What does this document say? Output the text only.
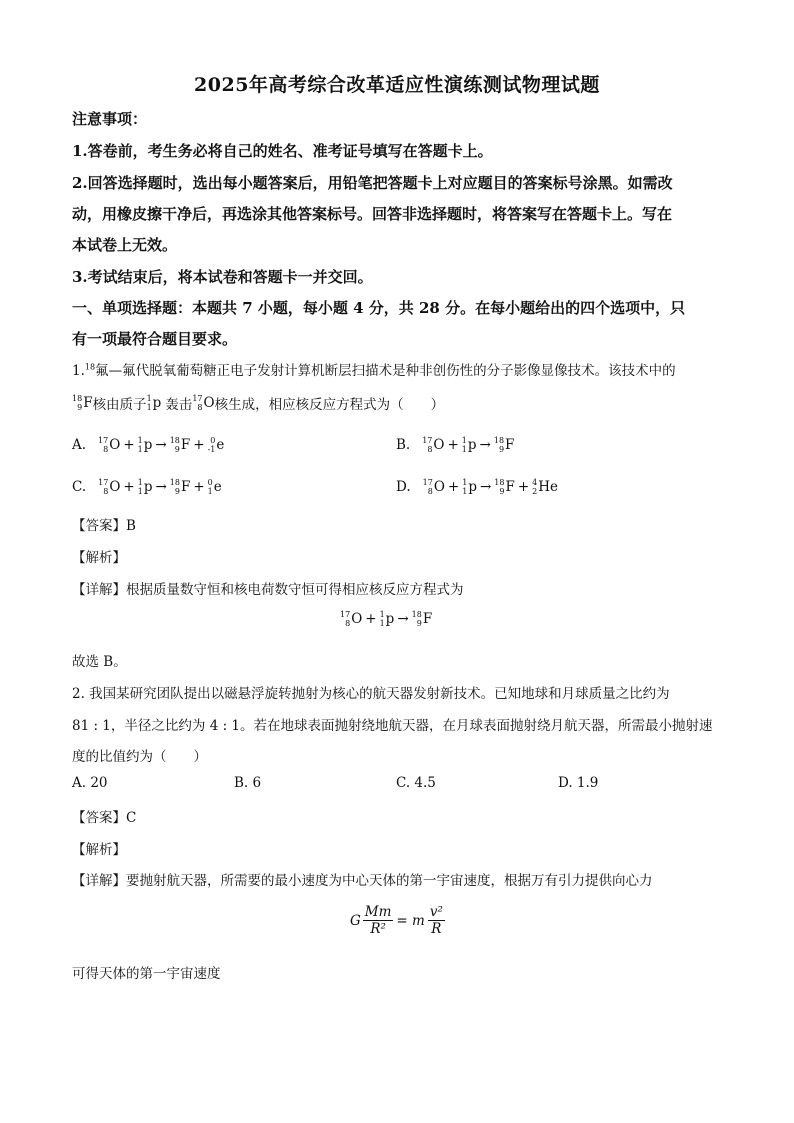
2025年高考综合改革适应性演练测试物理试题
注意事项：
1.答卷前，考生务必将自己的姓名、准考证号填写在答题卡上。
2.回答选择题时，选出每小题答案后，用铅笔把答题卡上对应题目的答案标号涂黑。如需改
动，用橡皮擦干净后，再选涂其他答案标号。回答非选择题时，将答案写在答题卡上。写在
本试卷上无效。
3.考试结束后，将本试卷和答题卡一并交回。
一、单项选择题：本题共 7 小题，每小题 4 分，共 28 分。在每小题给出的四个选项中，只
有一项最符合题目要求。
1.18氟—氟代脱氧葡萄糖正电子发射计算机断层扫描术是种非创伤性的分子影像显像技术。该技术中的
18
9 F 核由质子 1
1 p 轰击 17
8 O 核生成，相应核反应方程式为（　　）
A. 17
8 O + 1
1 p → 18
9 F + 0
-1 e	B. 17
8 O + 1
1 p → 18
9 F
C. 17
8 O + 1
1 p → 18
9 F + 0
1 e	D. 17
8 O + 1
1 p → 18
9 F + 4
2 He
【答案】B
【解析】
【详解】根据质量数守恒和核电荷数守恒可得相应核反应方程式为
17
8 O + 1
1 p → 18
9 F
故选 B。
2. 我国某研究团队提出以磁悬浮旋转抛射为核心的航天器发射新技术。已知地球和月球质量之比约为
81 : 1，半径之比约为 4 : 1。若在地球表面抛射绕地航天器，在月球表面抛射绕月航天器，所需最小抛射速
度的比值约为（　　）
A. 20	B. 6	C. 4.5	D. 1.9
【答案】C
【解析】
【详解】要抛射航天器，所需要的最小速度为中心天体的第一宇宙速度，根据万有引力提供向心力
G $\frac{Mm}{\text{R²}} = m \frac{\text{v²}}{R}$
可得天体的第一宇宙速度
